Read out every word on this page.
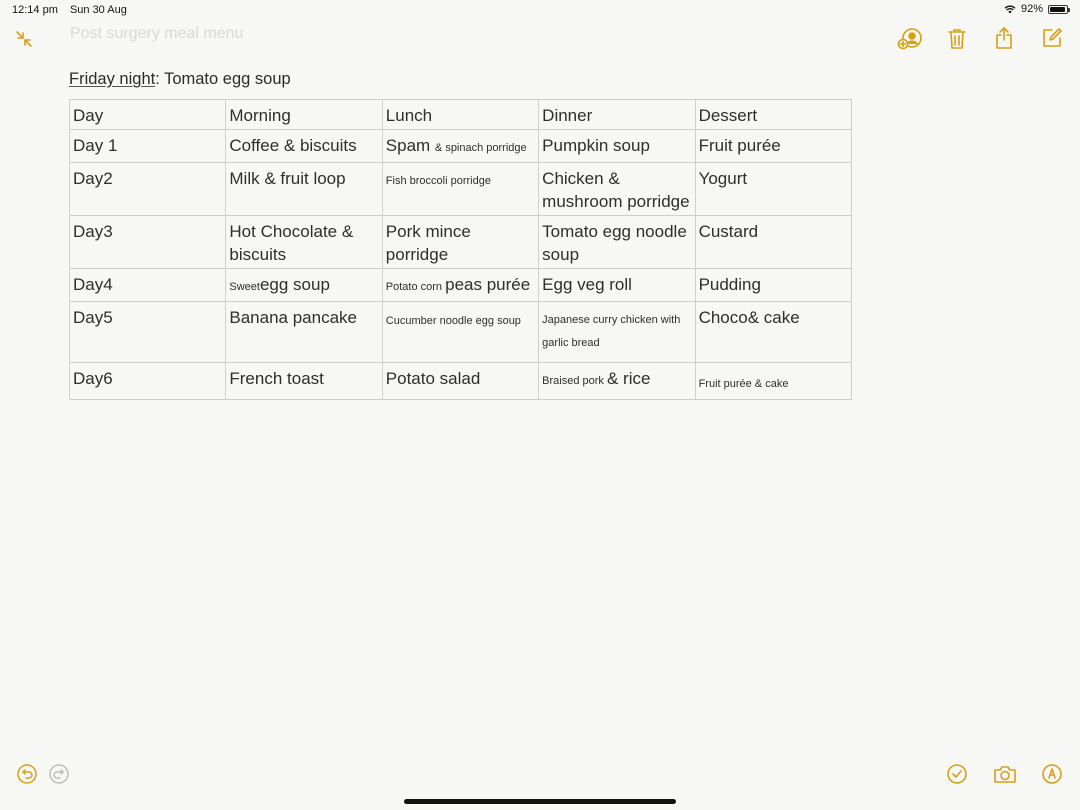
12:14 pm Sun 30 Aug	92%
Post surgery meal menu
Friday night: Tomato egg soup
Day	Morning	Lunch	Dinner	Dessert
Day 1	Coffee & biscuits	Spam & spinach porridge	Pumpkin soup	Fruit purée
Day2	Milk & fruit loop	Fish broccoli porridge	Chicken & mushroom porridge	Yogurt
Day3	Hot Chocolate & biscuits	Pork mince porridge	Tomato egg noodle soup	Custard
Day4	Sweetegg soup	Potato corn peas purée	Egg veg roll	Pudding
Day5	Banana pancake	Cucumber noodle egg soup	Japanese curry chicken with garlic bread	Choco& cake
Day6	French toast	Potato salad	Braised pork & rice	Fruit purée & cake
